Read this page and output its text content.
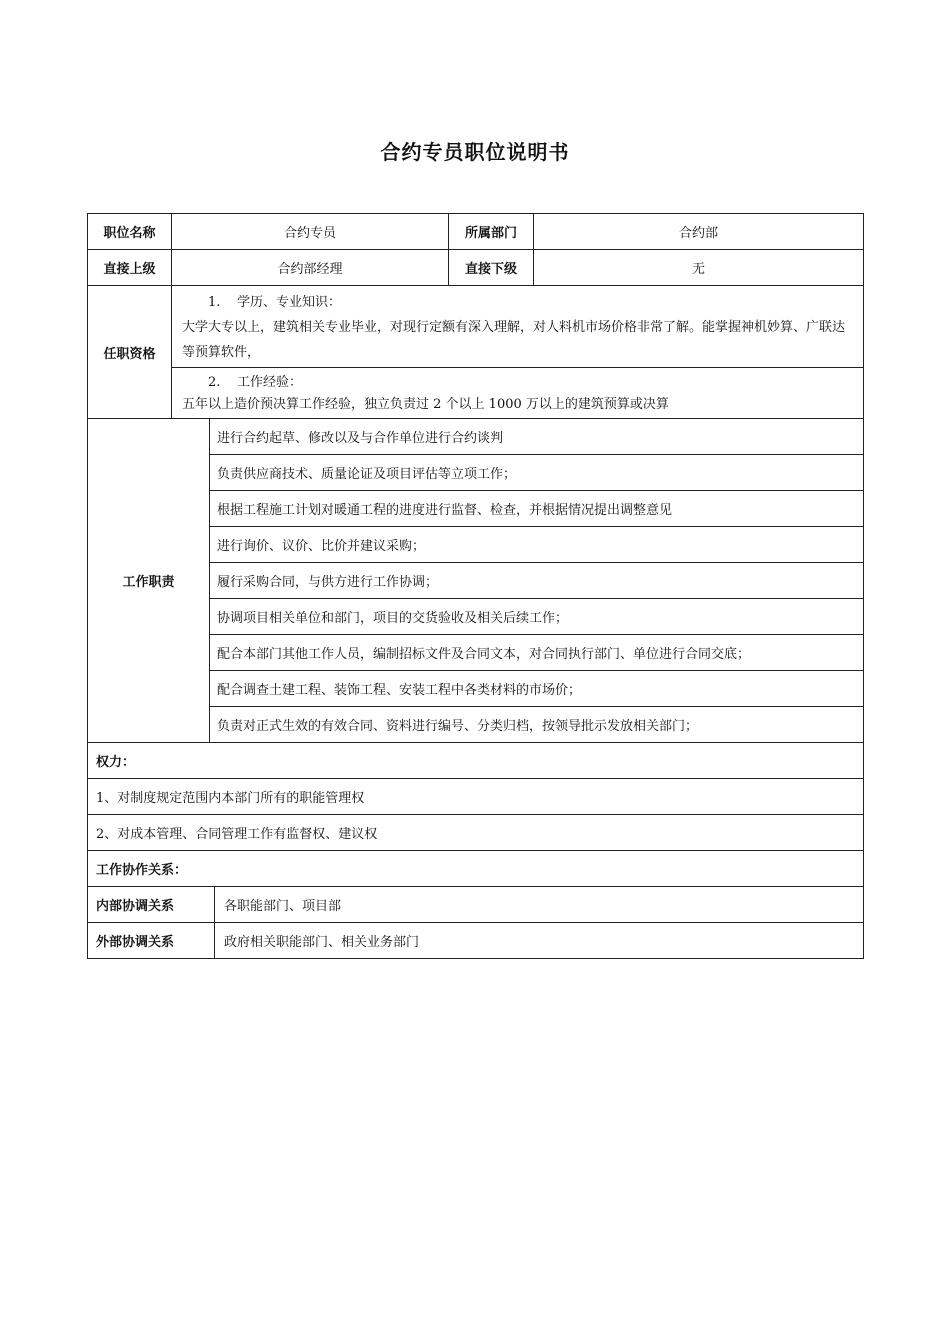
合约专员职位说明书
职位名称	合约专员			所属部门	合约部
直接上级	合约部经理			直接下级	无
任职资格	1. 学历、专业知识：
大学大专以上，建筑相关专业毕业，对现行定额有深入理解，对人料机市场价格非常了解。能掌握神机妙算、广联达等预算软件，				

	2. 工作经验：
五年以上造价预决算工作经验，独立负责过 2 个以上 1000 万以上的建筑预算或决算				

工作职责		进行合约起草、修改以及与合作单位进行合约谈判			
		负责供应商技术、质量论证及项目评估等立项工作；			
		根据工程施工计划对暖通工程的进度进行监督、检查，并根据情况提出调整意见			
		进行询价、议价、比价并建议采购；			
		履行采购合同，与供方进行工作协调；			
		协调项目相关单位和部门，项目的交货验收及相关后续工作；			
		配合本部门其他工作人员，编制招标文件及合同文本，对合同执行部门、单位进行合同交底；			
		配合调查土建工程、装饰工程、安装工程中各类材料的市场价；			
		负责对正式生效的有效合同、资料进行编号、分类归档，按领导批示发放相关部门；			
权力：					
1、对制度规定范围内本部门所有的职能管理权					
2、对成本管理、合同管理工作有监督权、建议权					
工作协作关系：					
内部协调关系			各职能部门、项目部		
外部协调关系			政府相关职能部门、相关业务部门		
